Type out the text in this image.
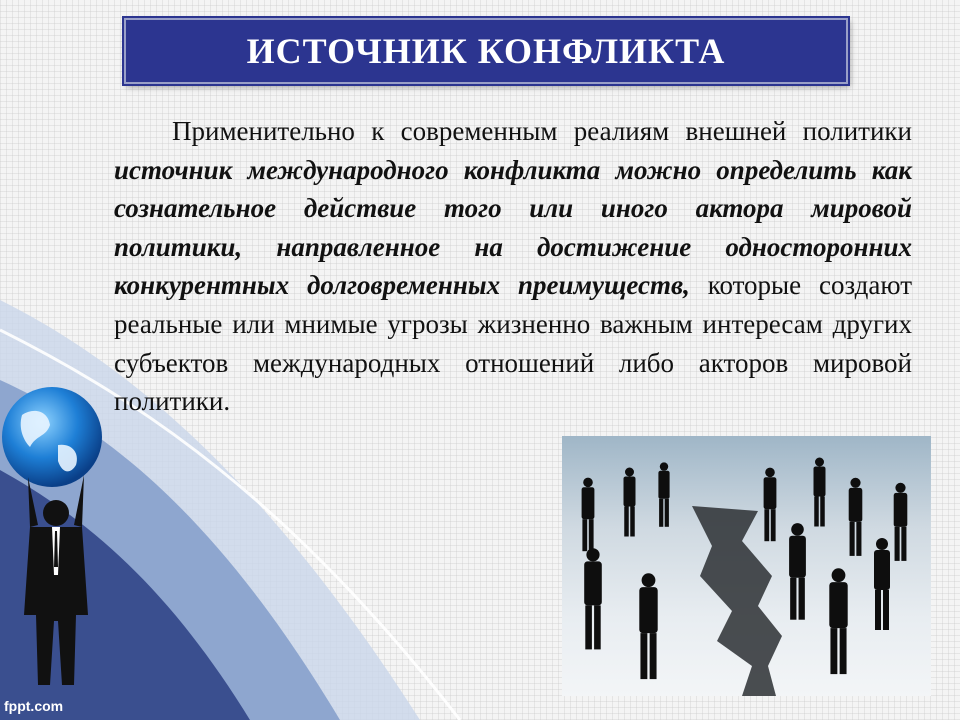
ИСТОЧНИК КОНФЛИКТА
Применительно к современным реалиям внешней политики источник международного конфликта можно определить как сознательное действие того или иного актора мировой политики, направленное на достижение односторонних конкурентных долговременных преимуществ, которые создают реальные или мнимые угрозы жизненно важным интересам других субъектов международных отношений либо акторов мировой политики.
fppt.com
